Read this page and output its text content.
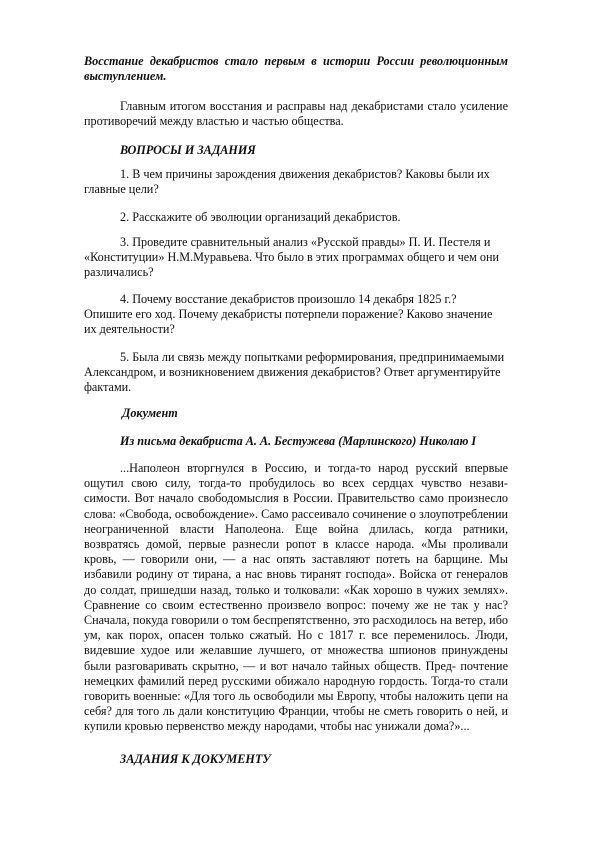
Восстание декабристов стало первым в истории России революционным выступлением.

Главным итогом восстания и расправы над декабристами стало усиление противоречий между властью и частью общества.

ВОПРОСЫ И ЗАДАНИЯ

1. В чем причины зарождения движения декабристов? Каковы были их главные цели?

2. Расскажите об эволюции организаций декабристов.

3. Проведите сравнительный анализ «Русской правды» П. И. Пестеля и «Конституции» Н.М.Муравьева. Что было в этих программах общего и чем они различались?

4. Почему восстание декабристов произошло 14 декабря 1825 г.? Опишите его ход. Почему декабристы потерпели поражение? Каково значение их деятельности?

5. Была ли связь между попытками реформирования, предпринимаемыми Александром, и возникновением движения декабристов? Ответ аргументируйте фактами.

Документ

Из письма декабриста А. А. Бестужева (Марлинского) Николаю I

...Наполеон вторгнулся в Россию, и тогда-то народ русский впервые ощутил свою силу, тогда-то пробудилось во всех сердцах чувство незави- симости. Вот начало свободомыслия в России. Правительство само произнесло слова: «Свобода, освобождение». Само рассеивало сочинение о злоупотреблении неограниченной власти Наполеона. Еще война длилась, когда ратники, возвратясь домой, первые разнесли ропот в классе народа. «Мы проливали кровь, — говорили они, — а нас опять заставляют потеть на барщине. Мы избавили родину от тирана, а нас вновь тиранят господа». Войска от генералов до солдат, пришедши назад, только и толковали: «Как хорошо в чужих землях». Сравнение со своим естественно произвело вопрос: почему же не так у нас? Сначала, покуда говорили о том беспрепятственно, это расходилось на ветер, ибо ум, как порох, опасен только сжатый. Но с 1817 г. все переменилось. Люди, видевшие худое или желавшие лучшего, от множества шпионов принуждены были разговаривать скрытно, — и вот начало тайных обществ. Пред- почтение немецких фамилий перед русскими обижало народную гордость. Тогда-то стали говорить военные: «Для того ль освободили мы Европу, чтобы наложить цепи на себя? для того ль дали конституцию Франции, чтобы не сметь говорить о ней, и купили кровью первенство между народами, чтобы нас унижали дома?»...

ЗАДАНИЯ К ДОКУМЕНТУ
